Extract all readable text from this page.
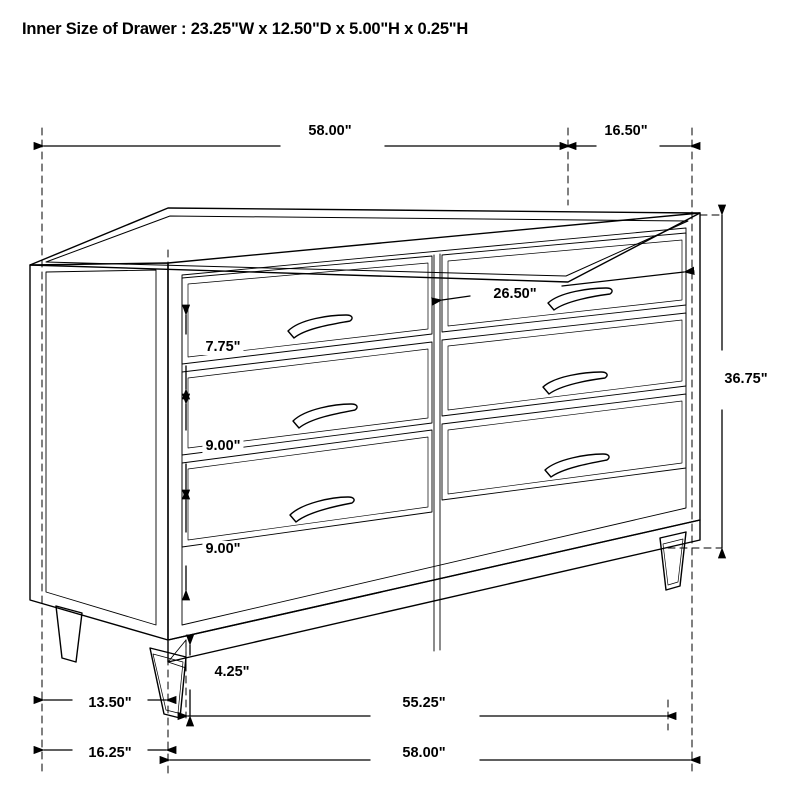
Inner Size of Drawer : 23.25"W x 12.50"D x 5.00"H x 0.25"H
58.00"	16.50"
26.50"
7.75"
9.00"
9.00"
36.75"
4.25"
13.50"	55.25"
16.25"	58.00"
